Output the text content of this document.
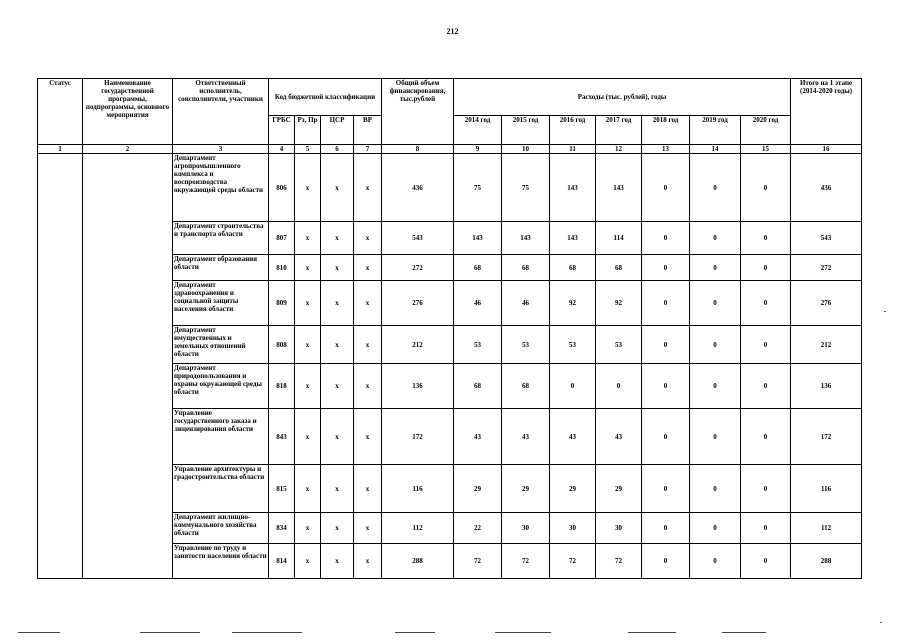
212
Статус	Наименование государственной программы, подпрограммы, основного мероприятия	Ответственный исполнитель, соисполнители, участники	Код бюджетной классификации				Общий объем финансирования, тыс.рублей	Расходы (тыс. рублей), годы							Итого на 1 этапе (2014-2020 годы)
			ГРБС	Рз, Пр	ЦСР	ВР		2014 год	2015 год	2016 год	2017 год	2018 год	2019 год	2020 год	
1	2	3	4	5	6	7	8	9	10	11	12	13	14	15	16
		Департамент агропромышленного комплекса и воспроизводства окружающей среды области	806	х	х	х	436	75	75	143	143	0	0	0	436
		Департамент строительства и транспорта области	807	х	х	х	543	143	143	143	114	0	0	0	543
		Департамент образования области	810	х	х	х	272	68	68	68	68	0	0	0	272
		Департамент здравоохранения и социальной защиты населения области	809	х	х	х	276	46	46	92	92	0	0	0	276
		Департамент имущественных и земельных отношений области	808	х	х	х	212	53	53	53	53	0	0	0	212
		Департамент природопользования и охраны окружающей среды области	818	х	х	х	136	68	68	0	0	0	0	0	136
		Управление государственного заказа и лицензирования области	843	х	х	х	172	43	43	43	43	0	0	0	172
		Управление архитектуры и градостроительства области	815	х	х	х	116	29	29	29	29	0	0	0	116
		Департамент жилищно-коммунального хозяйства области	834	х	х	х	112	22	30	30	30	0	0	0	112
		Управление по труду и занятости населения области	814	х	х	х	288	72	72	72	72	0	0	0	288
